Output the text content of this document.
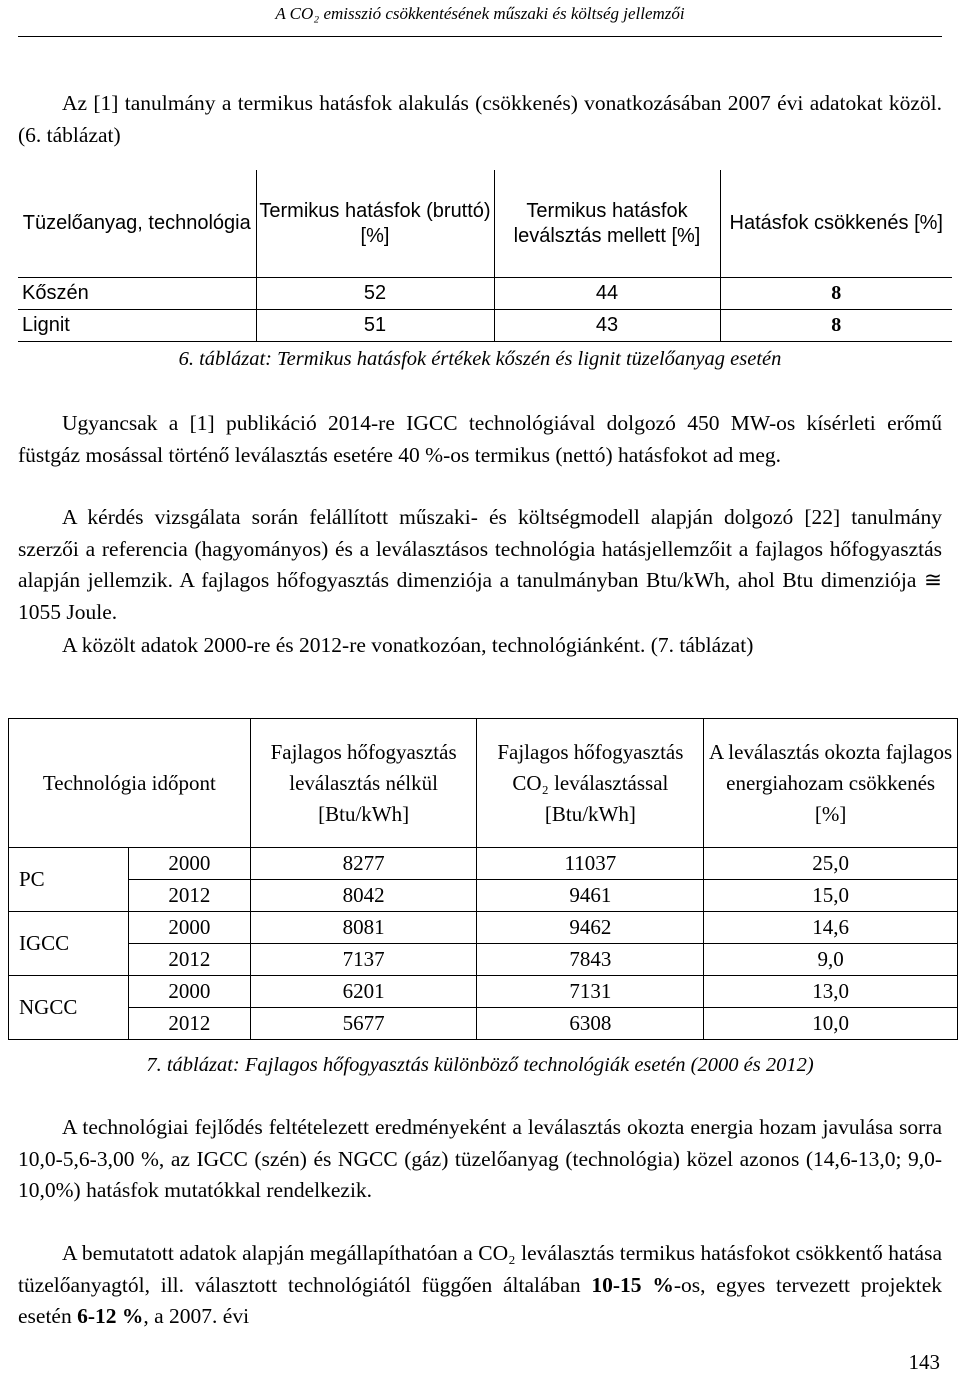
A CO₂ emisszió csökkentésének műszaki és költség jellemzői
Az [1] tanulmány a termikus hatásfok alakulás (csökkenés) vonatkozásában 2007 évi adatokat közöl. (6. táblázat)
Tüzelőanyag, technológia	Termikus hatásfok (bruttó) [%]	Termikus hatásfok leválsztás mellett [%]	Hatásfok csökkenés [%]
Kőszén	52	44	8
Lignit	51	43	8
6. táblázat: Termikus hatásfok értékek kőszén és lignit tüzelőanyag esetén
Ugyancsak a [1] publikáció 2014-re IGCC technológiával dolgozó 450 MW-os kísérleti erőmű füstgáz mosással történő leválasztás esetére 40 %-os termikus (nettó) hatásfokot ad meg.
A kérdés vizsgálata során felállított műszaki- és költségmodell alapján dolgozó [22] tanulmány szerzői a referencia (hagyományos) és a leválasztásos technológia hatásjellemzőit a fajlagos hőfogyasztás alapján jellemzik. A fajlagos hőfogyasztás dimenziója a tanulmányban Btu/kWh, ahol Btu dimenziója ≅ 1055 Joule.
A közölt adatok 2000-re és 2012-re vonatkozóan, technológiánként. (7. táblázat)
Technológia időpont		Fajlagos hőfogyasztás leválasztás nélkül [Btu/kWh]	Fajlagos hőfogyasztás CO₂ leválasztással [Btu/kWh]	A leválasztás okozta fajlagos energiahozam csökkenés [%]
PC	2000	8277	11037	25,0
	2012	8042	9461	15,0
IGCC	2000	8081	9462	14,6
	2012	7137	7843	9,0
NGCC	2000	6201	7131	13,0
	2012	5677	6308	10,0
7. táblázat: Fajlagos hőfogyasztás különböző technológiák esetén (2000 és 2012)
A technológiai fejlődés feltételezett eredményeként a leválasztás okozta energia hozam javulása sorra 10,0-5,6-3,00 %, az IGCC (szén) és NGCC (gáz) tüzelőanyag (technológia) közel azonos (14,6-13,0; 9,0-10,0%) hatásfok mutatókkal rendelkezik.
A bemutatott adatok alapján megállapíthatóan a CO₂ leválasztás termikus hatásfokot csökkentő hatása tüzelőanyagtól, ill. választott technológiától függően általában 10-15 %-os, egyes tervezett projektek esetén 6-12 %, a 2007. évi
143
